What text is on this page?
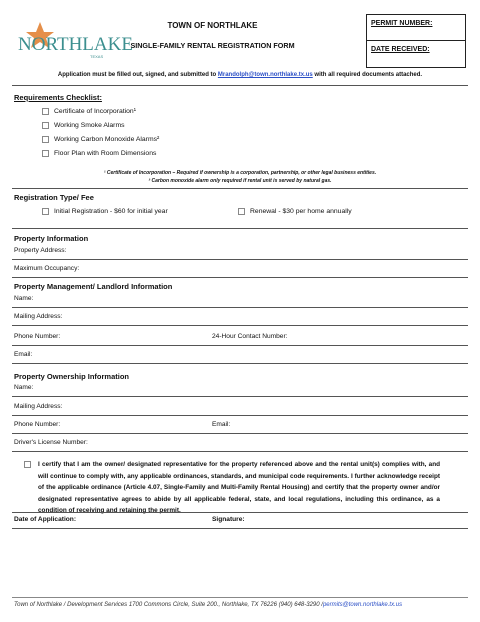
NORTHLAKE
TEXAS
TOWN OF NORTHLAKE
SINGLE-FAMILY RENTAL REGISTRATION FORM
PERMIT NUMBER:
DATE RECEIVED:
Application must be filled out, signed, and submitted to Mrandolph@town.northlake.tx.us with all required documents attached.
Requirements Checklist:
Certificate of Incorporation¹
Working Smoke Alarms
Working Carbon Monoxide Alarms²
Floor Plan with Room Dimensions
¹ Certificate of Incorporation – Required if ownership is a corporation, partnership, or other legal business entities.
² Carbon monoxide alarm only required if rental unit is served by natural gas.
Registration Type/ Fee
Initial Registration - $60 for initial year	Renewal - $30 per home annually
Property Information
Property Address:
Maximum Occupancy:
Property Management/ Landlord Information
Name:
Mailing Address:
Phone Number:	24-Hour Contact Number:
Email:
Property Ownership Information
Name:
Mailing Address:
Phone Number:	Email:
Driver's License Number:
I certify that I am the owner/ designated representative for the property referenced above and the rental unit(s) complies with, and will continue to comply with, any applicable ordinances, standards, and municipal code requirements. I further acknowledge receipt of the applicable ordinance (Article 4.07, Single-Family and Multi-Family Rental Housing) and certify that the property owner and/or designated representative agrees to abide by all applicable federal, state, and local regulations, including this ordinance, as a condition of receiving and retaining the permit.
Date of Application:	Signature:
Town of Northlake / Development Services 1700 Commons Circle, Suite 200., Northlake, TX 76226 (940) 648-3290 /permits@town.northlake.tx.us
